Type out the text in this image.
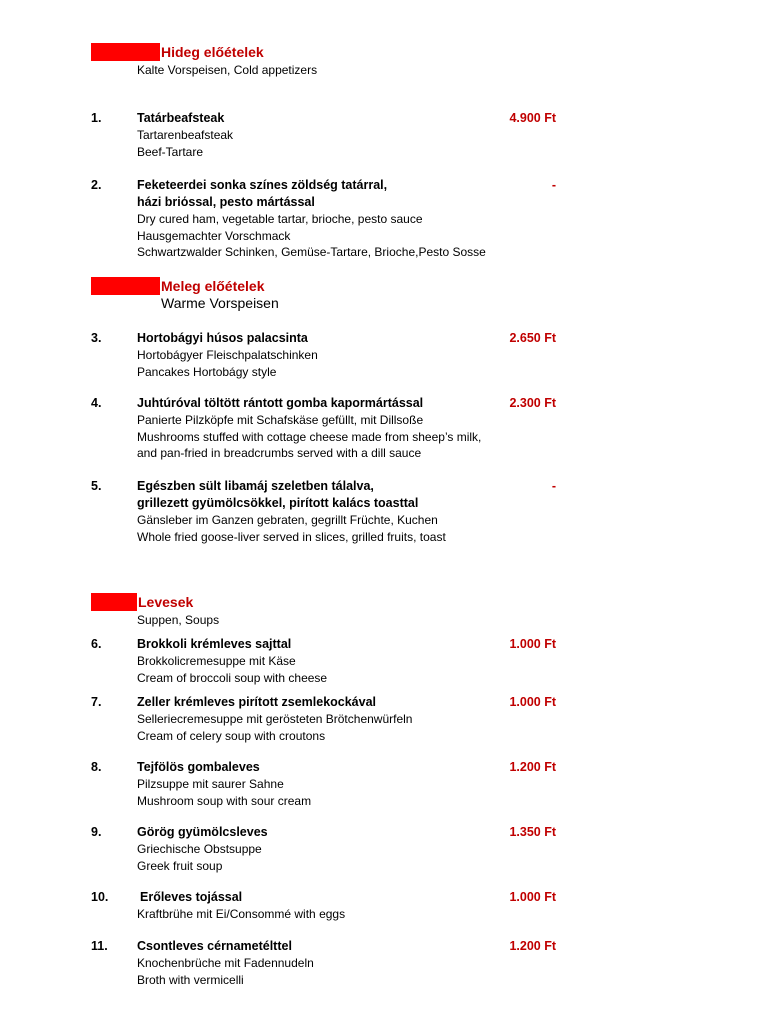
Hideg előételek
Kalte Vorspeisen, Cold appetizers
1.	Tatárbeafsteak
Tartarenbeafsteak
Beef-Tartare
4.900 Ft
2.	Feketeerdei sonka színes zöldség tatárral,
házi briόssal, pesto mártással
Dry cured ham, vegetable tartar, brioche, pesto sauce
Hausgemachter Vorschmack
Schwartzwalder Schinken, Gemüse-Tartare, Brioche,Pesto Sosse
-
Meleg előételek
Warme Vorspeisen
3.	Hortobágyi húsos palacsinta
Hortobágyer Fleischpalatschinken
Pancakes Hortobágy style
2.650 Ft
4.	Juhtúróval töltött rántott gomba kapormártással
Panierte Pilzköpfe mit Schafskäse gefüllt, mit Dillsoße
Mushrooms stuffed with cottage cheese made from sheep’s milk,
and pan-fried in breadcrumbs served with a dill sauce
2.300 Ft
5.	Egészben sült libamáj szeletben tálalva,
grillezett gyümölcsökkel, pirított kalács toasttal
Gänsleber im Ganzen gebraten, gegrillt Früchte, Kuchen
Whole fried goose-liver served in slices, grilled fruits, toast
-
Levesek
Suppen, Soups
6.	Brokkoli krémleves sajttal
Brokkolicremesuppe mit Käse
Cream of broccoli soup with cheese
1.000 Ft
7.	Zeller krémleves pirított zsemlekockával
Selleriecremesuppe mit gerösteten Brötchenwürfeln
Cream of celery soup with croutons
1.000 Ft
8.	Tejfölös gombaleves
Pilzsuppe mit saurer Sahne
Mushroom soup with sour cream
1.200 Ft
9.	Görög gyümölcsleves
Griechische Obstsuppe
Greek fruit soup
1.350 Ft
10.	Erőleves tojással
Kraftbrühe mit Ei/Consommé with eggs
1.000 Ft
11. Csontleves cérnametélttel
Knochenbrüche mit Fadennudeln
Broth with vermicelli
1.200 Ft
